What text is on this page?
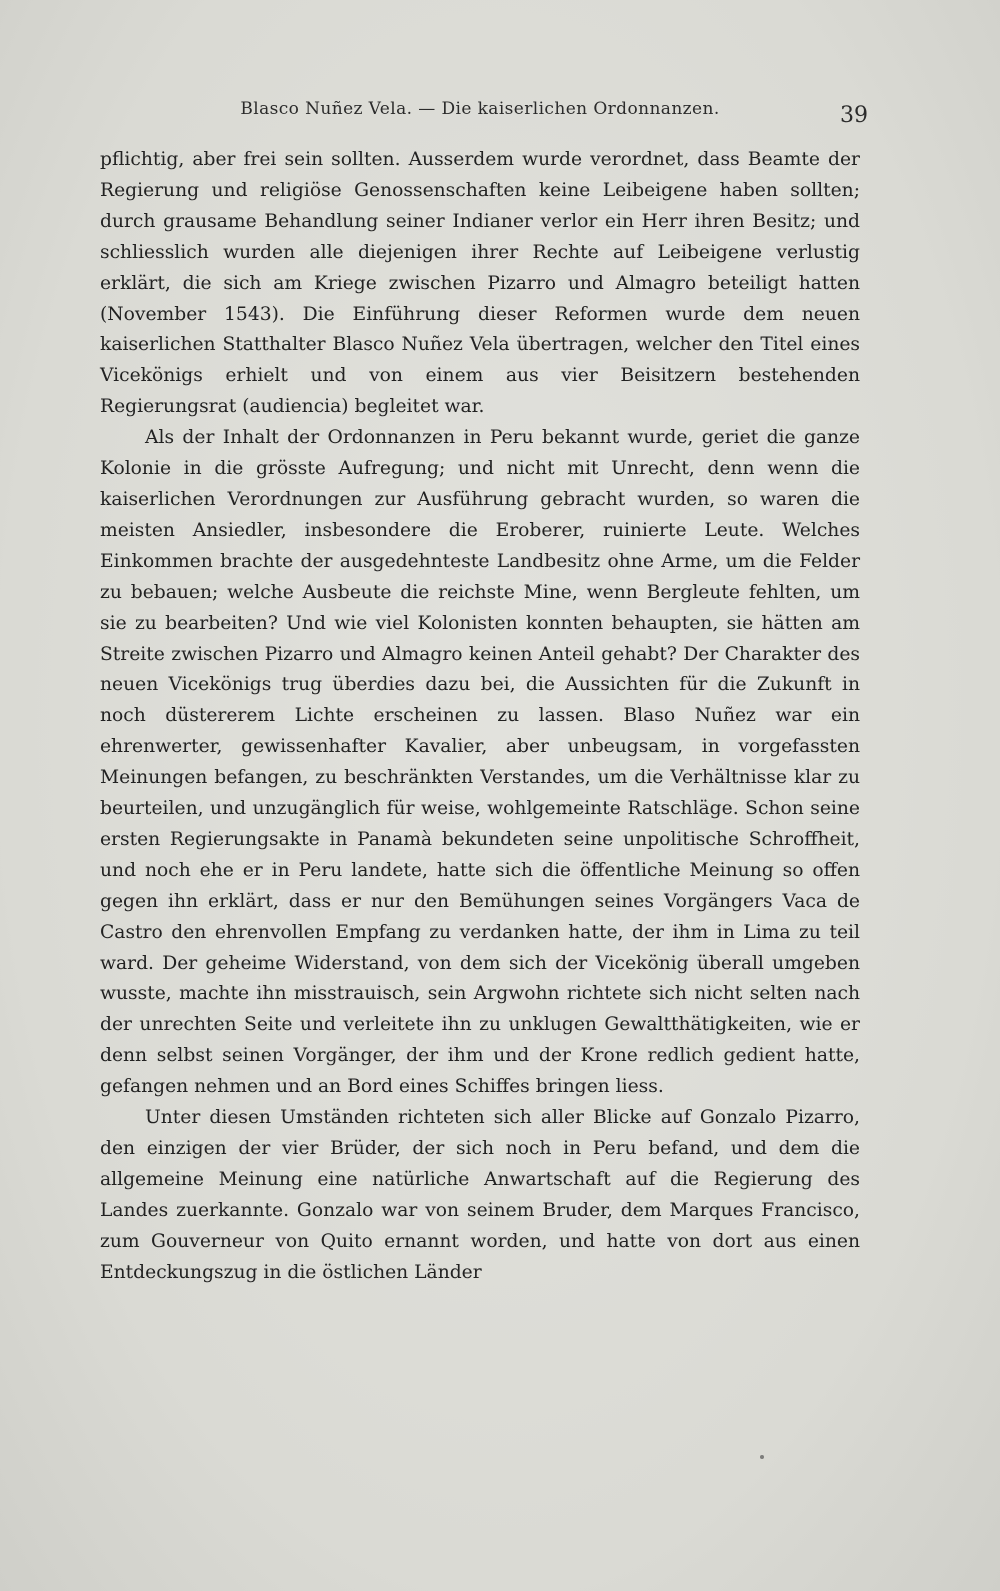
Blasco Nuñez Vela. — Die kaiserlichen Ordonnanzen.	39

pflichtig, aber frei sein sollten. Ausserdem wurde verordnet, dass Beamte der Regierung und religiöse Genossenschaften keine Leibeigene haben sollten; durch grausame Behandlung seiner Indianer verlor ein Herr ihren Besitz; und schliesslich wurden alle diejenigen ihrer Rechte auf Leibeigene verlustig erklärt, die sich am Kriege zwischen Pizarro und Almagro beteiligt hatten (November 1543). Die Einführung dieser Reformen wurde dem neuen kaiserlichen Statthalter Blasco Nuñez Vela übertragen, welcher den Titel eines Vicekönigs erhielt und von einem aus vier Beisitzern bestehenden Regierungsrat (audiencia) begleitet war.

Als der Inhalt der Ordonnanzen in Peru bekannt wurde, geriet die ganze Kolonie in die grösste Aufregung; und nicht mit Unrecht, denn wenn die kaiserlichen Verordnungen zur Ausführung gebracht wurden, so waren die meisten Ansiedler, insbesondere die Eroberer, ruinierte Leute. Welches Einkommen brachte der ausgedehnteste Landbesitz ohne Arme, um die Felder zu bebauen; welche Ausbeute die reichste Mine, wenn Bergleute fehlten, um sie zu bearbeiten? Und wie viel Kolonisten konnten behaupten, sie hätten am Streite zwischen Pizarro und Almagro keinen Anteil gehabt? Der Charakter des neuen Vicekönigs trug überdies dazu bei, die Aussichten für die Zukunft in noch düstererem Lichte erscheinen zu lassen. Blaso Nuñez war ein ehrenwerter, gewissenhafter Kavalier, aber unbeugsam, in vorgefassten Meinungen befangen, zu beschränkten Verstandes, um die Verhältnisse klar zu beurteilen, und unzugänglich für weise, wohlgemeinte Ratschläge. Schon seine ersten Regierungsakte in Panamà bekundeten seine unpolitische Schroffheit, und noch ehe er in Peru landete, hatte sich die öffentliche Meinung so offen gegen ihn erklärt, dass er nur den Bemühungen seines Vorgängers Vaca de Castro den ehrenvollen Empfang zu verdanken hatte, der ihm in Lima zu teil ward. Der geheime Widerstand, von dem sich der Vicekönig überall umgeben wusste, machte ihn misstrauisch, sein Argwohn richtete sich nicht selten nach der unrechten Seite und verleitete ihn zu unklugen Gewaltthätigkeiten, wie er denn selbst seinen Vorgänger, der ihm und der Krone redlich gedient hatte, gefangen nehmen und an Bord eines Schiffes bringen liess.

Unter diesen Umständen richteten sich aller Blicke auf Gonzalo Pizarro, den einzigen der vier Brüder, der sich noch in Peru befand, und dem die allgemeine Meinung eine natürliche Anwartschaft auf die Regierung des Landes zuerkannte. Gonzalo war von seinem Bruder, dem Marques Francisco, zum Gouverneur von Quito ernannt worden, und hatte von dort aus einen Entdeckungszug in die östlichen Länder
